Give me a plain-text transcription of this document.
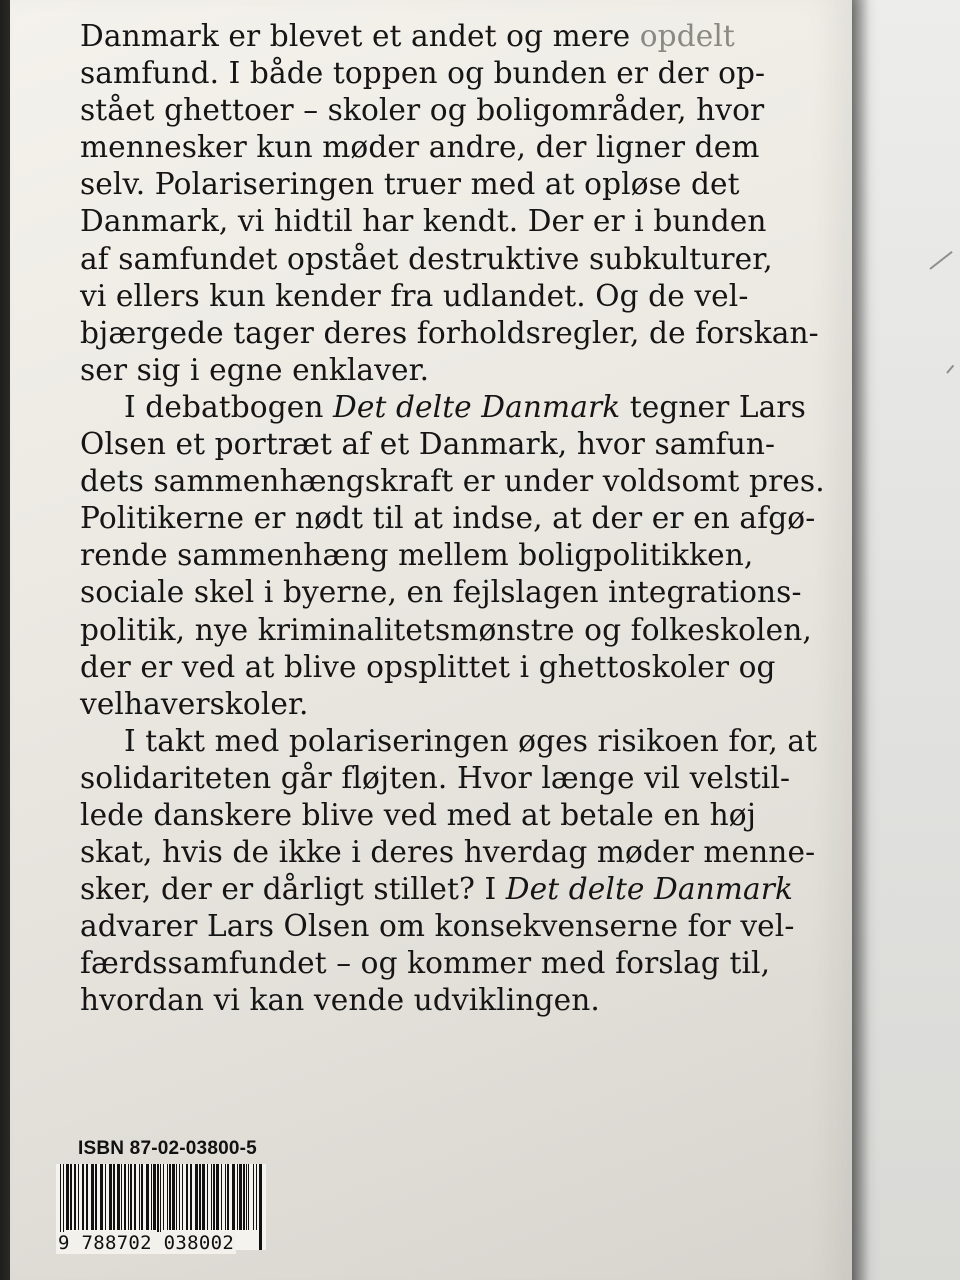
Danmark er blevet et andet og mere opdelt
samfund. I både toppen og bunden er der op-
stået ghettoer – skoler og boligområder, hvor
mennesker kun møder andre, der ligner dem
selv. Polariseringen truer med at opløse det
Danmark, vi hidtil har kendt. Der er i bunden
af samfundet opstået destruktive subkulturer,
vi ellers kun kender fra udlandet. Og de vel-
bjærgede tager deres forholdsregler, de forskan-
ser sig i egne enklaver.

I debatbogen Det delte Danmark tegner Lars
Olsen et portræt af et Danmark, hvor samfun-
dets sammenhængskraft er under voldsomt pres.
Politikerne er nødt til at indse, at der er en afgø-
rende sammenhæng mellem boligpolitikken,
sociale skel i byerne, en fejlslagen integrations-
politik, nye kriminalitetsmønstre og folkeskolen,
der er ved at blive opsplittet i ghettoskoler og
velhaverskoler.

I takt med polariseringen øges risikoen for, at
solidariteten går fløjten. Hvor længe vil velstil-
lede danskere blive ved med at betale en høj
skat, hvis de ikke i deres hverdag møder menne-
sker, der er dårligt stillet? I Det delte Danmark
advarer Lars Olsen om konsekvenserne for vel-
færdssamfundet – og kommer med forslag til,
hvordan vi kan vende udviklingen.

ISBN 87-02-03800-5
9 788702 038002
